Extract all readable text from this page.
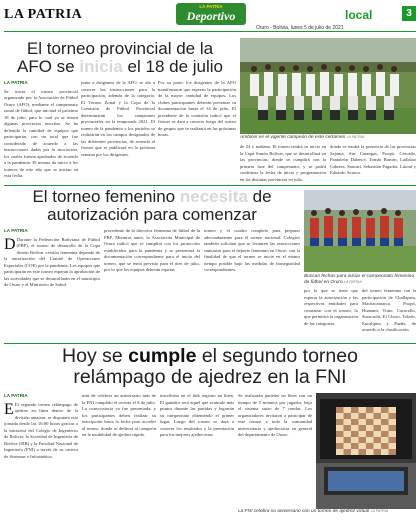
LA PATRIA
LA PATRIA
Deportivo	local	3
Oruro - Bolivia, lunes 5 de julio de 2021
El torneo provincial de la
AFO se inicia el 18 de julio
LA PATRIA

Se inicia el torneo provincial organizado por la Asociación de Fútbol Oruro (AFO), mediante el campeonato zonal de fútbol, que iniciará el próximo 18 de julio, para lo cual ya se tienen algunas provincias inscritas. Se ha defenido la cantidad de equipos que participarán, con un total que fue considerado de acuerdo a las instrucciones dadas por la asociación, los cuales fueron aprobados de acuerdo a la pandemia. El mismo da inicio a los torneos de este año que se inician en esta fecha.

junto a dirigentes de la AFO, se dio a conocer las instrucciones para la participación, además de la categoría. El Torneo Zonal y la Copa de la Comisión de Fútbol Provincial determinarán los campeones provinciales en la temporada 2021. El torneo de la pandemia y los partidos se realizarán en los campos designados de las diferentes provincias, de acuerdo al fixture que se publicará en la próxima semana por los dirigentes.

Por su parte, los dirigentes de la AFO manifestaron que esperan la participación de la mayor cantidad de equipos. Los clubes participantes deberán presentar su documentación hasta el 14 de julio. El presidente de la comisión indicó que el fixture se dará a conocer luego del sorteo de grupos que se realizará en las próximas horas.

Ambicer es el vigente campeón de este certamen LA PATRIA

de 24 y mañana. El torneo tendrá su inicio en la Copa Simón Bolívar, que se desarrollará en las provincias, donde se cumplirá con la primera fase del campeonato, y se podrá confirmar la fecha de inicio y programación en las distintas provincias en julio.

donde se tendrá la presencia de las provincias Sajama, Sur Carangas, Poopó, Cercado, Pantaleón Dalence, Tomás Barrón, Ladislao Cabrera, Saucarí, Sebastián Pagador, Litoral y Eduardo Avaroa.

El torneo femenino necesita de
autorización para comenzar
LA PATRIA
D Durante la Federación Boliviana de Fútbol (FBF), el torneo de desarrollo de la Copa Simón Bolívar versión femenina depende de la autorización del Comité de Operaciones Especiales (COE) por la pandemia. Los equipos que participarán en este torneo esperan la aprobación de las actividades que se desarrollarán en el municipio de Oruro y el Ministerio de Salud.

procedente de la directiva femenina de fútbol de la FBF. Mientras tanto, la Asociación Municipal de Oruro indicó que se cumplirá con los protocolos establecidos para la pandemia y se presentará la documentación correspondiente para el inicio del torneo, que se tenía previsto para el mes de julio, por lo que los equipos deberán esperar.

torneo y el cuadro completo para preparar adecuadamente para el torneo nacional. Colegios también solicitan que se levanten las restricciones sanitarias para el deporte femenino en Oruro, con la finalidad de que el torneo se inicie en el menor tiempo posible bajo las medidas de bioseguridad correspondientes.

Buscan fechas para iniciar el campeonato femenino de fútbol en Oruro LA PATRIA

por lo que se tiene que esperar la autorización y las respectivas entidades para comenzar con el torneo, lo que permitirá la organización de las categorías.

del torneo femenino con la participación de Challapata, Machacamarca, Poopó, Huanuni, Vinto, Caracollo, Soracachi, El Choro, Toledo, Eucaliptus y Pazña, de acuerdo a la clasificación.

Hoy se cumple el segundo torneo
relámpago de ajedrez en la FNI
LA PATRIA
E El segundo torneo relámpago de ajedrez en línea dentro de la división amateur, se disputará esta jornada desde las 16:00 horas gracias a la iniciativa del Colegio de Ingenieros de Bolivia, la Sociedad de Ingeniería de Bolivia (SIB) y la Facultad Nacional de Ingeniería (FNI) a través de su carrera de Sistemas e Informática.

más de celebrar un aniversario más de la FNI cumplido el recinto el 8 de julio. La convocatoria ya fue presentada, y los participantes deben realizar su inscripción hasta la fecha para acceder al torneo, donde se definirá al campeón en la modalidad de ajedrez rápido.

inscribirse en el link registro en línea. El ganador será aquel que acumule más puntos durante las partidas y lograrán su campeonato obteniendo el primer lugar. Luego del torneo se dará a conocer los resultados y la premiación para los mejores ajedrecistas.

Se realizarán partidas en línea con un tiempo de 5 minutos por jugador, bajo el sistema suizo de 7 rondas. Los organizadores invitaron a participar de este torneo a toda la comunidad universitaria y ajedrecistas en general del departamento de Oruro.

La FNI celebra su aniversario con un torneo de ajedrez virtual LA PATRIA
